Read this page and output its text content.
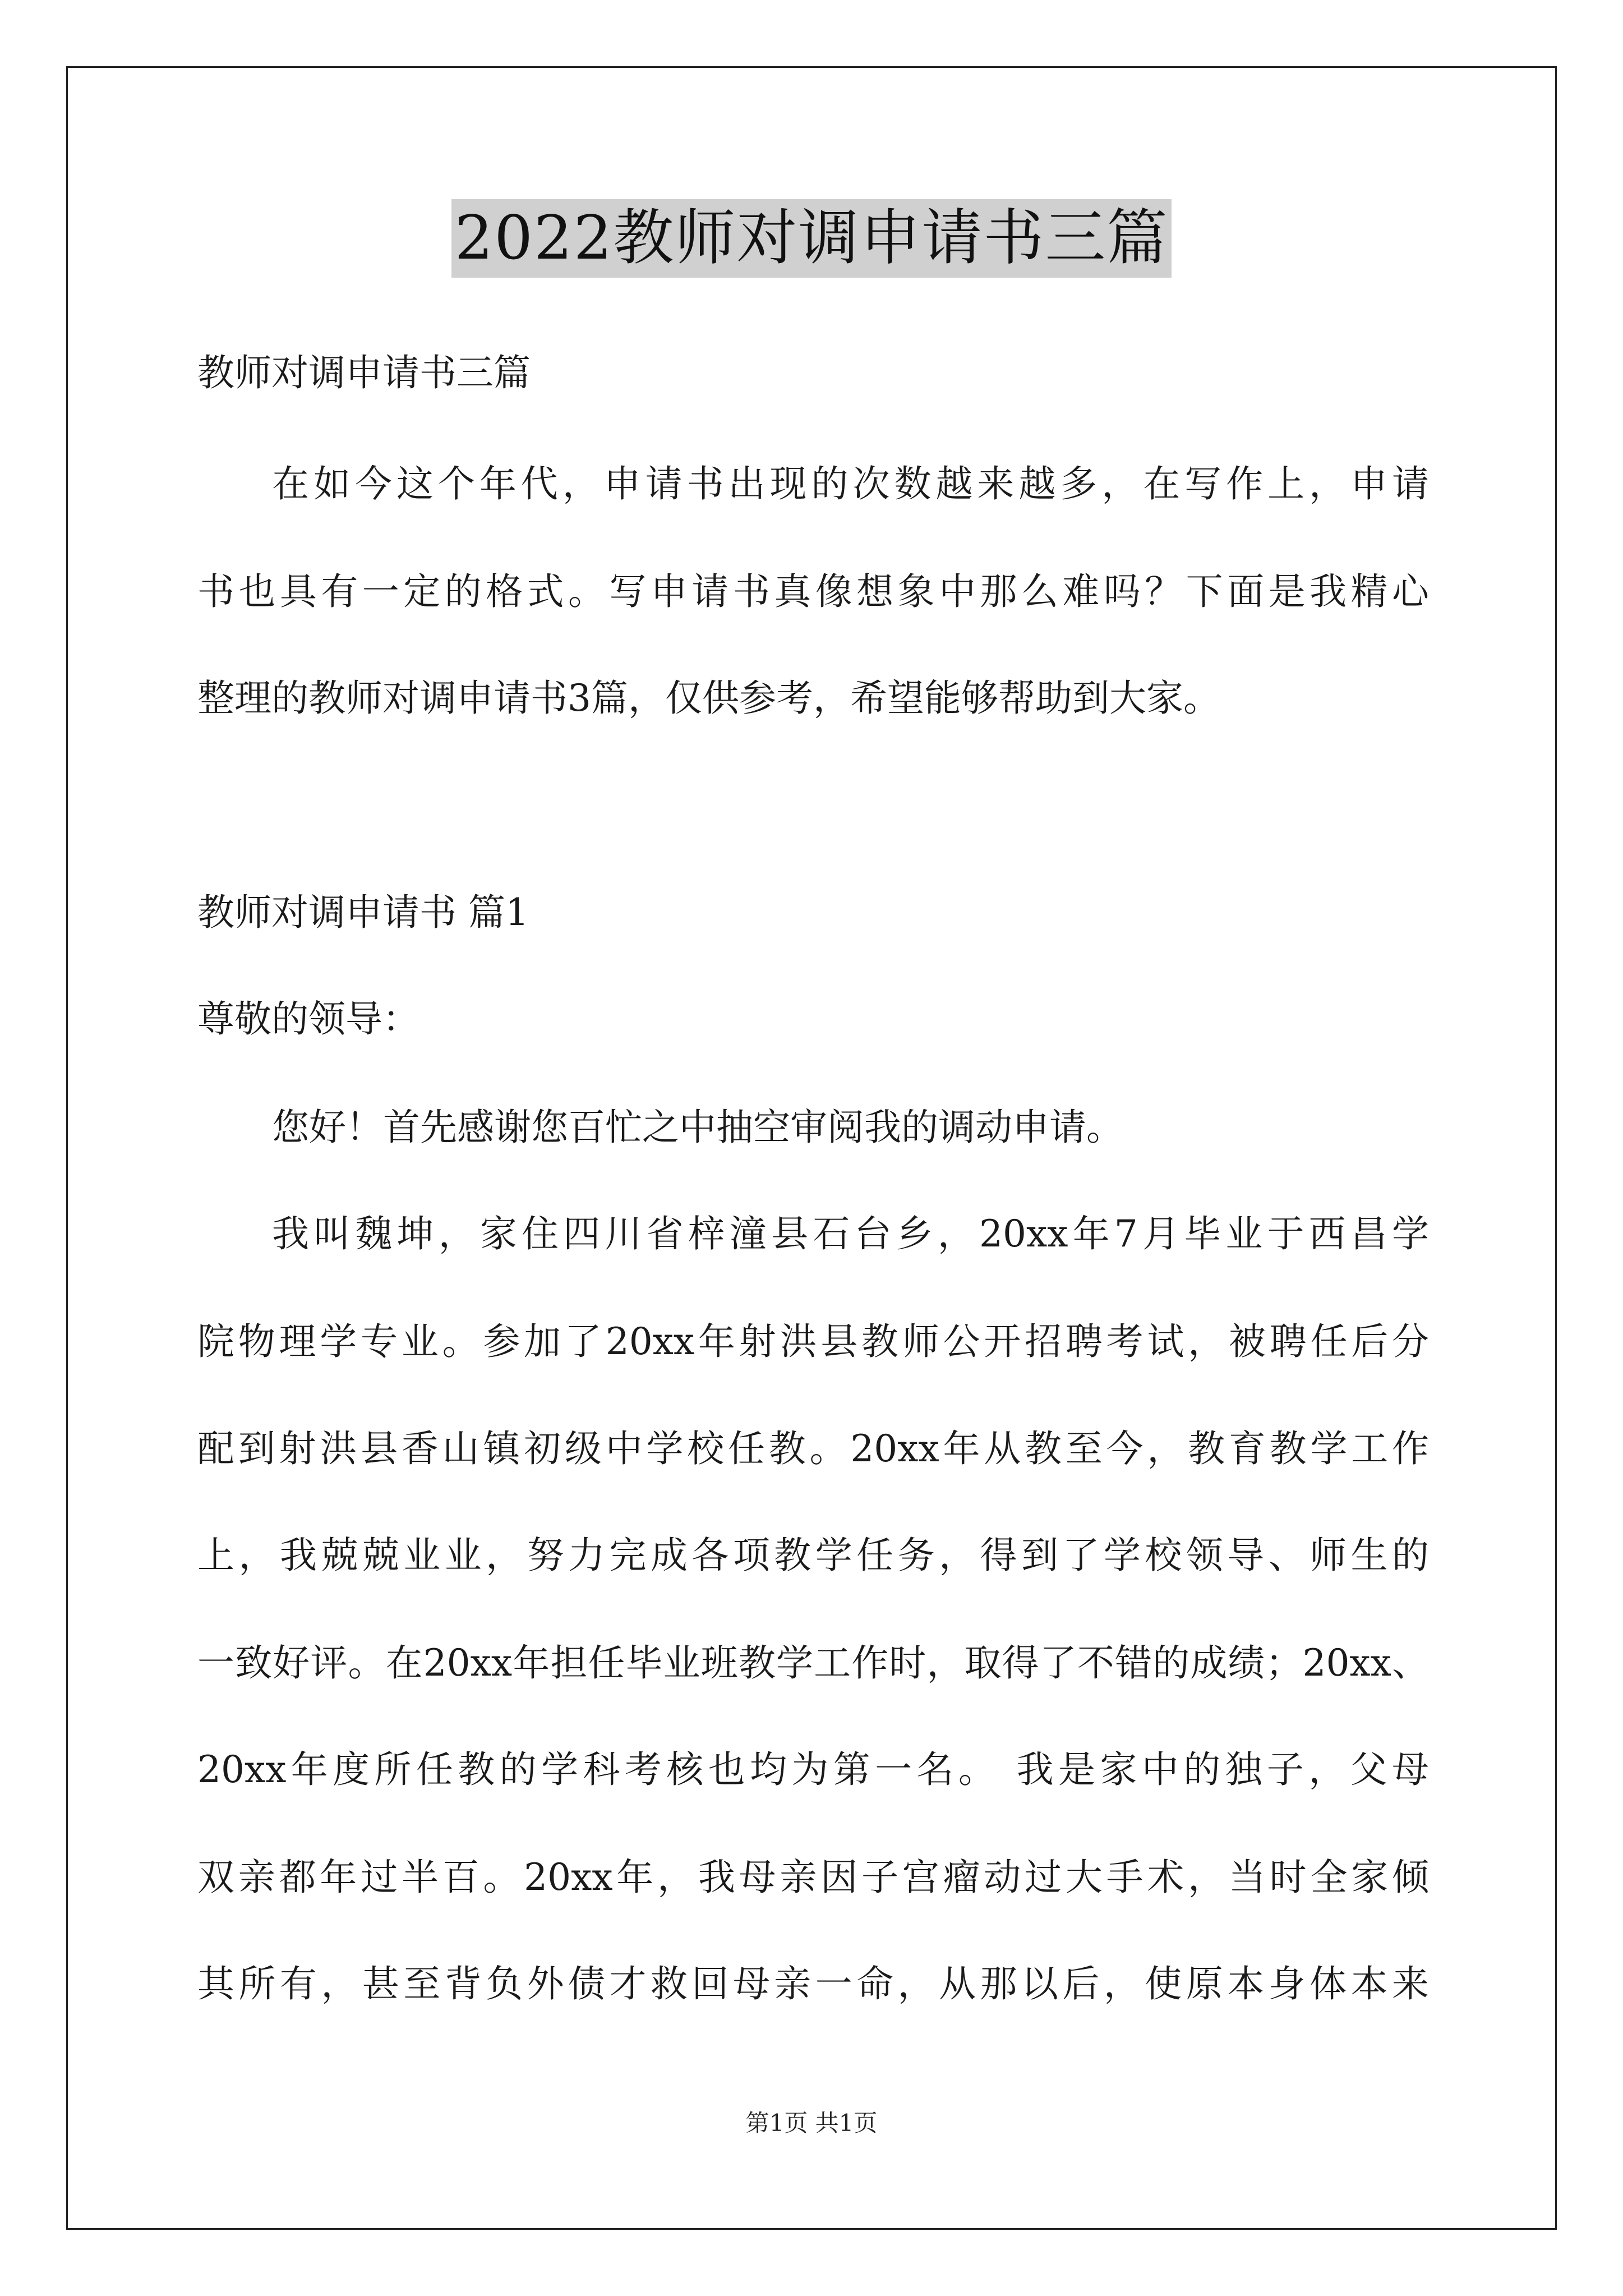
2022教师对调申请书三篇
教师对调申请书三篇
在如今这个年代，申请书出现的次数越来越多，在写作上，申请
书也具有一定的格式。写申请书真像想象中那么难吗？下面是我精心
整理的教师对调申请书3篇，仅供参考，希望能够帮助到大家。
教师对调申请书 篇1
尊敬的领导：
您好！首先感谢您百忙之中抽空审阅我的调动申请。
我叫魏坤，家住四川省梓潼县石台乡，20xx年7月毕业于西昌学
院物理学专业。参加了20xx年射洪县教师公开招聘考试，被聘任后分
配到射洪县香山镇初级中学校任教。20xx年从教至今，教育教学工作
上，我兢兢业业，努力完成各项教学任务，得到了学校领导、师生的
一致好评。在20xx年担任毕业班教学工作时，取得了不错的成绩；20xx、
20xx年度所任教的学科考核也均为第一名。 我是家中的独子，父母
双亲都年过半百。20xx年，我母亲因子宫瘤动过大手术，当时全家倾
其所有，甚至背负外债才救回母亲一命，从那以后，使原本身体本来
第1页 共1页
